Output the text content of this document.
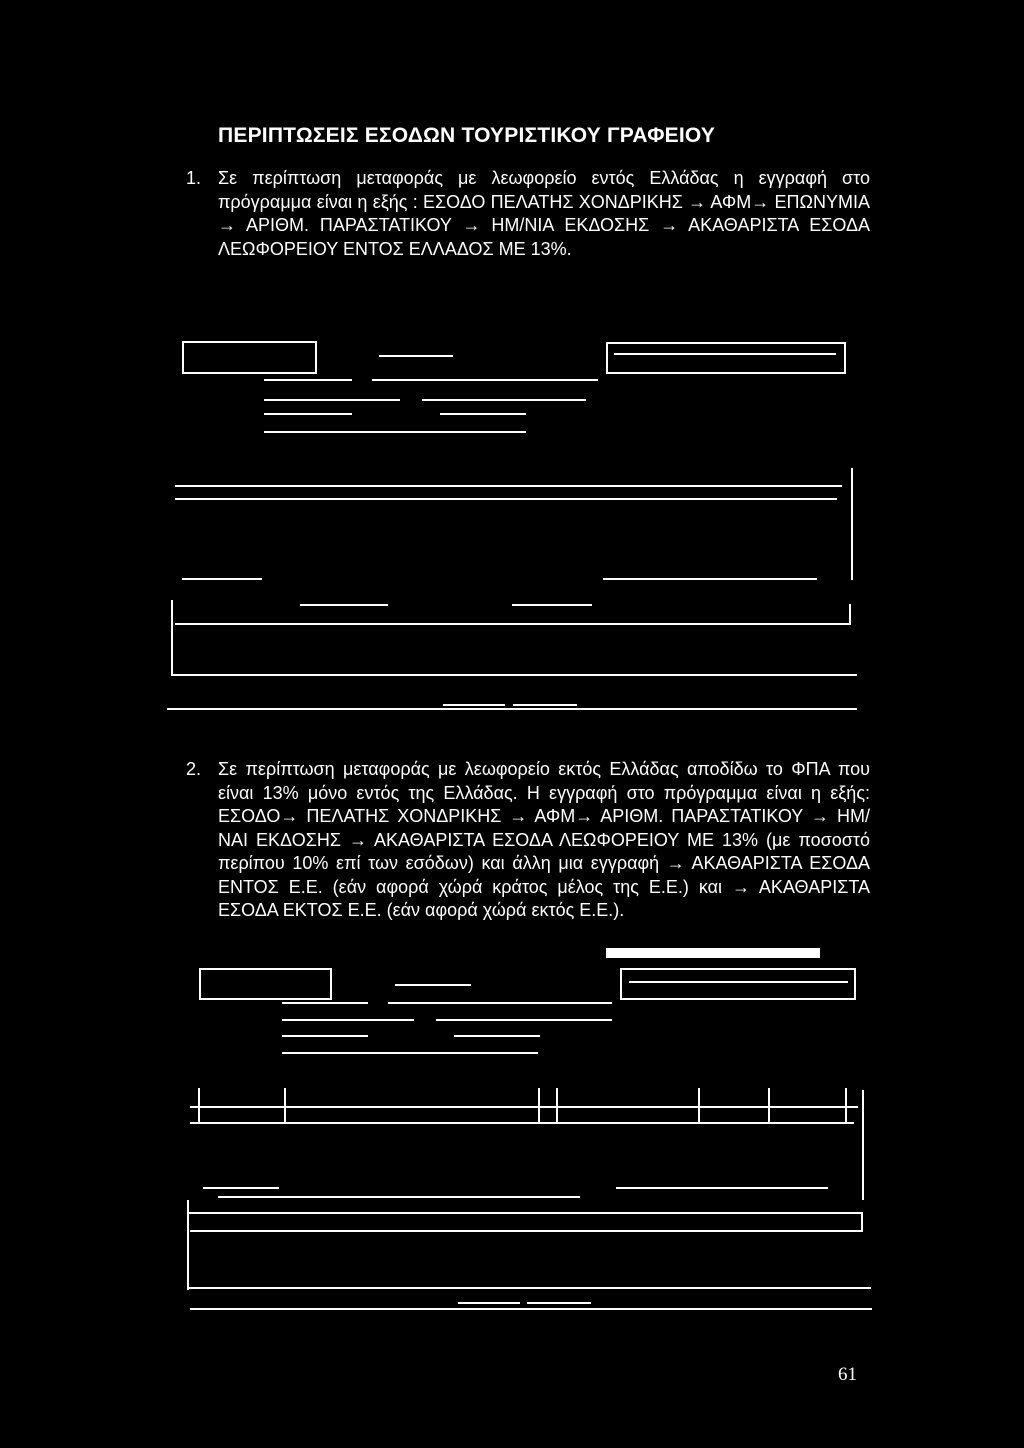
ΠΕΡΙΠΤΩΣΕΙΣ ΕΣΟΔΩΝ ΤΟΥΡΙΣΤΙΚΟΥ ΓΡΑΦΕΙΟΥ
1. Σε περίπτωση μεταφοράς με λεωφορείο εντός Ελλάδας η εγγραφή στο πρόγραμμα είναι η εξής : ΕΣΟΔΟ ΠΕΛΑΤΗΣ ΧΟΝΔΡΙΚΗΣ → ΑΦΜ→ ΕΠΩΝΥΜΙΑ → ΑΡΙΘΜ. ΠΑΡΑΣΤΑΤΙΚΟΥ → ΗΜ/ΝΙΑ ΕΚΔΟΣΗΣ → ΑΚΑΘΑΡΙΣΤΑ ΕΣΟΔΑ ΛΕΩΦΟΡΕΙΟΥ ΕΝΤΟΣ ΕΛΛΑΔΟΣ ΜΕ 13%.
2. Σε περίπτωση μεταφοράς με λεωφορείο εκτός Ελλάδας αποδίδω το ΦΠΑ που είναι 13% μόνο εντός της Ελλάδας. Η εγγραφή στο πρόγραμμα είναι η εξής: ΕΣΟΔΟ→ ΠΕΛΑΤΗΣ ΧΟΝΔΡΙΚΗΣ → ΑΦΜ→ ΑΡΙΘΜ. ΠΑΡΑΣΤΑΤΙΚΟΥ → ΗΜ/ΝΑΙ ΕΚΔΟΣΗΣ → ΑΚΑΘΑΡΙΣΤΑ ΕΣΟΔΑ ΛΕΩΦΟΡΕΙΟΥ ΜΕ 13% (με ποσοστό περίπου 10% επί των εσόδων) και άλλη μια εγγραφή → ΑΚΑΘΑΡΙΣΤΑ ΕΣΟΔΑ ΕΝΤΟΣ Ε.Ε. (εάν αφορά χώρά κράτος μέλος της Ε.Ε.) και → ΑΚΑΘΑΡΙΣΤΑ ΕΣΟΔΑ ΕΚΤΟΣ Ε.Ε. (εάν αφορά χώρά εκτός Ε.Ε.).
61
